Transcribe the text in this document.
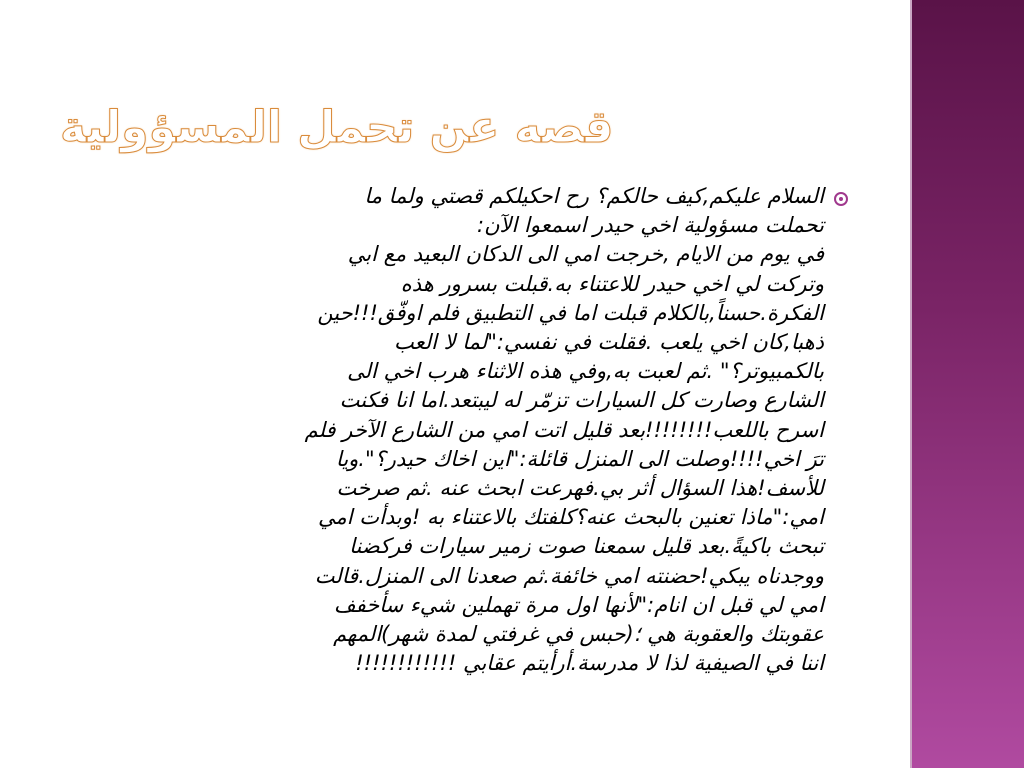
قصه عن تحمل المسؤولية
السلام عليكم,كيف حالكم؟ رح احكيلكم قصتي ولما ما
تحملت مسؤولية اخي حيدر اسمعوا الآن:
في يوم من الايام ,خرجت امي الى الدكان البعيد مع ابي
وتركت لي اخي حيدر للاعتناء به.قبلت بسرور هذه
الفكرة.حسناً,بالكلام قبلت اما في التطبيق فلم اوفّق!!!حين
ذهبا,كان اخي يلعب .فقلت في نفسي:"لما لا العب
بالكمبيوتر؟" .ثم لعبت به,وفي هذه الاثناء هرب اخي الى
الشارع وصارت كل السيارات تزمّر له ليبتعد.اما انا فكنت
اسرح باللعب!!!!!!!!بعد قليل اتت امي من الشارع الآخر فلم
ترَ اخي!!!!وصلت الى المنزل قائلة:"اين اخاك حيدر؟".ويا
للأسف!هذا السؤال أثر بي.فهرعت ابحث عنه .ثم صرخت
امي:"ماذا تعنين بالبحث عنه؟كلفتك بالاعتناء به !وبدأت امي
تبحث باكيةً.بعد قليل سمعنا صوت زمير سيارات فركضنا
ووجدناه يبكي!حضنته امي خائفة.ثم صعدنا الى المنزل.قالت
امي لي قبل ان انام:"لأنها اول مرة تهملين شيء سأخفف
عقوبتك والعقوبة هي ؛(حبس في غرفتي لمدة شهر)المهم
اننا في الصيفية لذا لا مدرسة.أرأيتم عقابي !!!!!!!!!!!!
